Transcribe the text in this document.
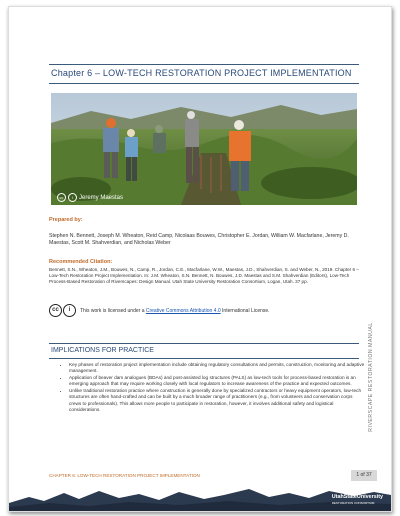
Chapter 6 – LOW-TECH RESTORATION PROJECT IMPLEMENTATION
cc	i	Jeremy Maestas
Prepared by:
Stephen N. Bennett, Joseph M. Wheaton, Reid Camp, Nicolaas Bouwes, Christopher E. Jordan, William W. Macfarlane, Jeremy D. Maestas, Scott M. Shahverdian, and Nicholas Weber
Recommended Citation:
Bennett, S.N., Wheaton, J.M., Bouwes, N., Camp, R., Jordan, C.E., Macfarlane, W.W., Maestas, J.D., Shahverdian, S. and Weber, N., 2019. Chapter 6 – Low-Tech Restoration Project Implementation. In: J.M. Wheaton, S.N. Bennett, N. Bouwes, J.D. Maestas and S.M. Shahverdian (Editors), Low-Tech Process-Based Restoration of Riverscapes: Design Manual. Utah State University Restoration Consortium, Logan, Utah. 37 pp.
cc	i	This work is licensed under a Creative Commons Attribution 4.0 International License.
IMPLICATIONS FOR PRACTICE
• Key phases of restoration project implementation include obtaining regulatory consultations and permits, construction, monitoring and adaptive management.
• Application of beaver dam analogues (BDAs) and post-assisted log structures (PALS) as low-tech tools for process-based restoration is an emerging approach that may require working closely with local regulators to increase awareness of the practice and expected outcomes.
• Unlike traditional restoration practice where construction is generally done by specialized contractors or heavy equipment operators, low-tech structures are often hand-crafted and can be built by a much broader range of practitioners (e.g., from volunteers and conservation corps crews to professionals). This allows more people to participate in restoration, however, it involves additional safety and logistical considerations.	RIVERSCAPE RESTORATION MANUAL
CHAPTER 6: LOW-TECH RESTORATION PROJECT IMPLEMENTATION	1 of 37
UtahStateUniversity
RESTORATION CONSORTIUM
